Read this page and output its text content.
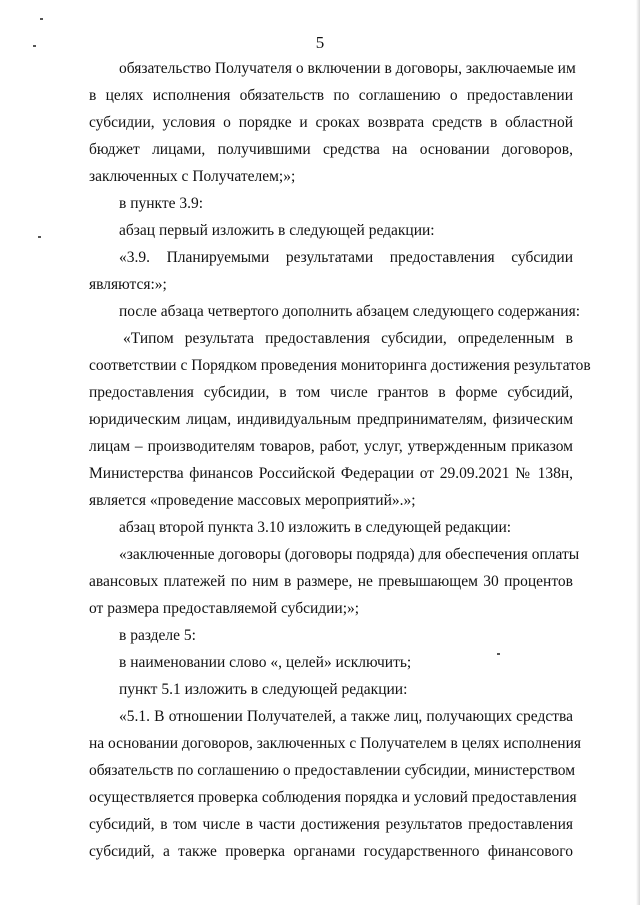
5
обязательство Получателя о включении в договоры, заключаемые им
в целях исполнения обязательств по соглашению о предоставлении
субсидии, условия о порядке и сроках возврата средств в областной
бюджет лицами, получившими средства на основании договоров,
заключенных с Получателем;»;
в пункте 3.9:
абзац первый изложить в следующей редакции:
«3.9. Планируемыми результатами предоставления субсидии
являются:»;
после абзаца четвертого дополнить абзацем следующего содержания:
«Типом результата предоставления субсидии, определенным в
соответствии с Порядком проведения мониторинга достижения результатов
предоставления субсидии, в том числе грантов в форме субсидий,
юридическим лицам, индивидуальным предпринимателям, физическим
лицам – производителям товаров, работ, услуг, утвержденным приказом
Министерства финансов Российской Федерации от 29.09.2021 № 138н,
является «проведение массовых мероприятий».»;
абзац второй пункта 3.10 изложить в следующей редакции:
«заключенные договоры (договоры подряда) для обеспечения оплаты
авансовых платежей по ним в размере, не превышающем 30 процентов
от размера предоставляемой субсидии;»;
в разделе 5:
в наименовании слово «, целей» исключить;
пункт 5.1 изложить в следующей редакции:
«5.1. В отношении Получателей, а также лиц, получающих средства
на основании договоров, заключенных с Получателем в целях исполнения
обязательств по соглашению о предоставлении субсидии, министерством
осуществляется проверка соблюдения порядка и условий предоставления
субсидий, в том числе в части достижения результатов предоставления
субсидий, а также проверка органами государственного финансового
